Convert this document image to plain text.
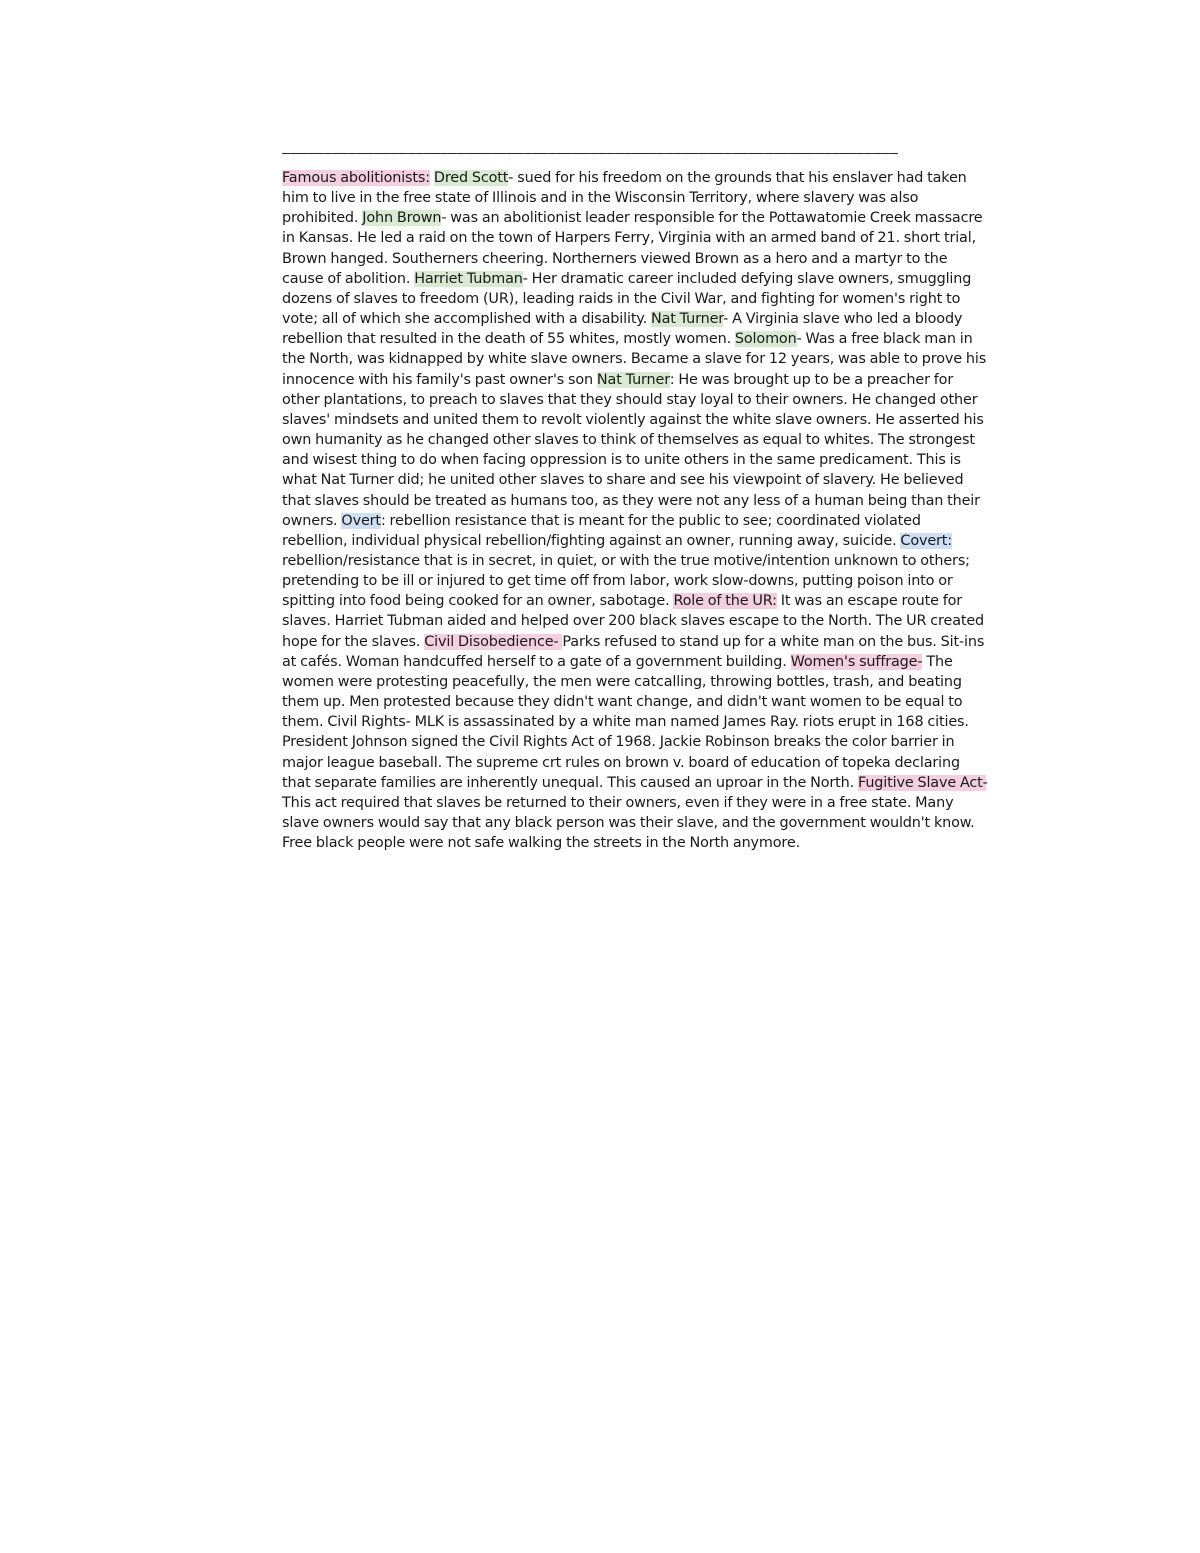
——————————————————————————————————————————————————————————————————————————

Famous abolitionists: Dred Scott- sued for his freedom on the grounds that his enslaver had taken him to live in the free state of Illinois and in the Wisconsin Territory, where slavery was also prohibited. John Brown- was an abolitionist leader responsible for the Pottawatomie Creek massacre in Kansas. He led a raid on the town of Harpers Ferry, Virginia with an armed band of 21. short trial, Brown hanged. Southerners cheering. Northerners viewed Brown as a hero and a martyr to the cause of abolition. Harriet Tubman- Her dramatic career included defying slave owners, smuggling dozens of slaves to freedom (UR), leading raids in the Civil War, and fighting for women's right to vote; all of which she accomplished with a disability. Nat Turner- A Virginia slave who led a bloody rebellion that resulted in the death of 55 whites, mostly women. Solomon- Was a free black man in the North, was kidnapped by white slave owners. Became a slave for 12 years, was able to prove his innocence with his family's past owner's son Nat Turner: He was brought up to be a preacher for other plantations, to preach to slaves that they should stay loyal to their owners. He changed other slaves' mindsets and united them to revolt violently against the white slave owners. He asserted his own humanity as he changed other slaves to think of themselves as equal to whites. The strongest and wisest thing to do when facing oppression is to unite others in the same predicament. This is what Nat Turner did; he united other slaves to share and see his viewpoint of slavery. He believed that slaves should be treated as humans too, as they were not any less of a human being than their owners. Overt: rebellion resistance that is meant for the public to see; coordinated violated rebellion, individual physical rebellion/fighting against an owner, running away, suicide. Covert: rebellion/resistance that is in secret, in quiet, or with the true motive/intention unknown to others; pretending to be ill or injured to get time off from labor, work slow-downs, putting poison into or spitting into food being cooked for an owner, sabotage. Role of the UR: It was an escape route for slaves. Harriet Tubman aided and helped over 200 black slaves escape to the North. The UR created hope for the slaves. Civil Disobedience- Parks refused to stand up for a white man on the bus. Sit-ins at cafés. Woman handcuffed herself to a gate of a government building. Women's suffrage- The women were protesting peacefully, the men were catcalling, throwing bottles, trash, and beating them up. Men protested because they didn't want change, and didn't want women to be equal to them. Civil Rights- MLK is assassinated by a white man named James Ray. riots erupt in 168 cities. President Johnson signed the Civil Rights Act of 1968. Jackie Robinson breaks the color barrier in major league baseball. The supreme crt rules on brown v. board of education of topeka declaring that separate families are inherently unequal. This caused an uproar in the North. Fugitive Slave Act-This act required that slaves be returned to their owners, even if they were in a free state. Many slave owners would say that any black person was their slave, and the government wouldn't know. Free black people were not safe walking the streets in the North anymore.
